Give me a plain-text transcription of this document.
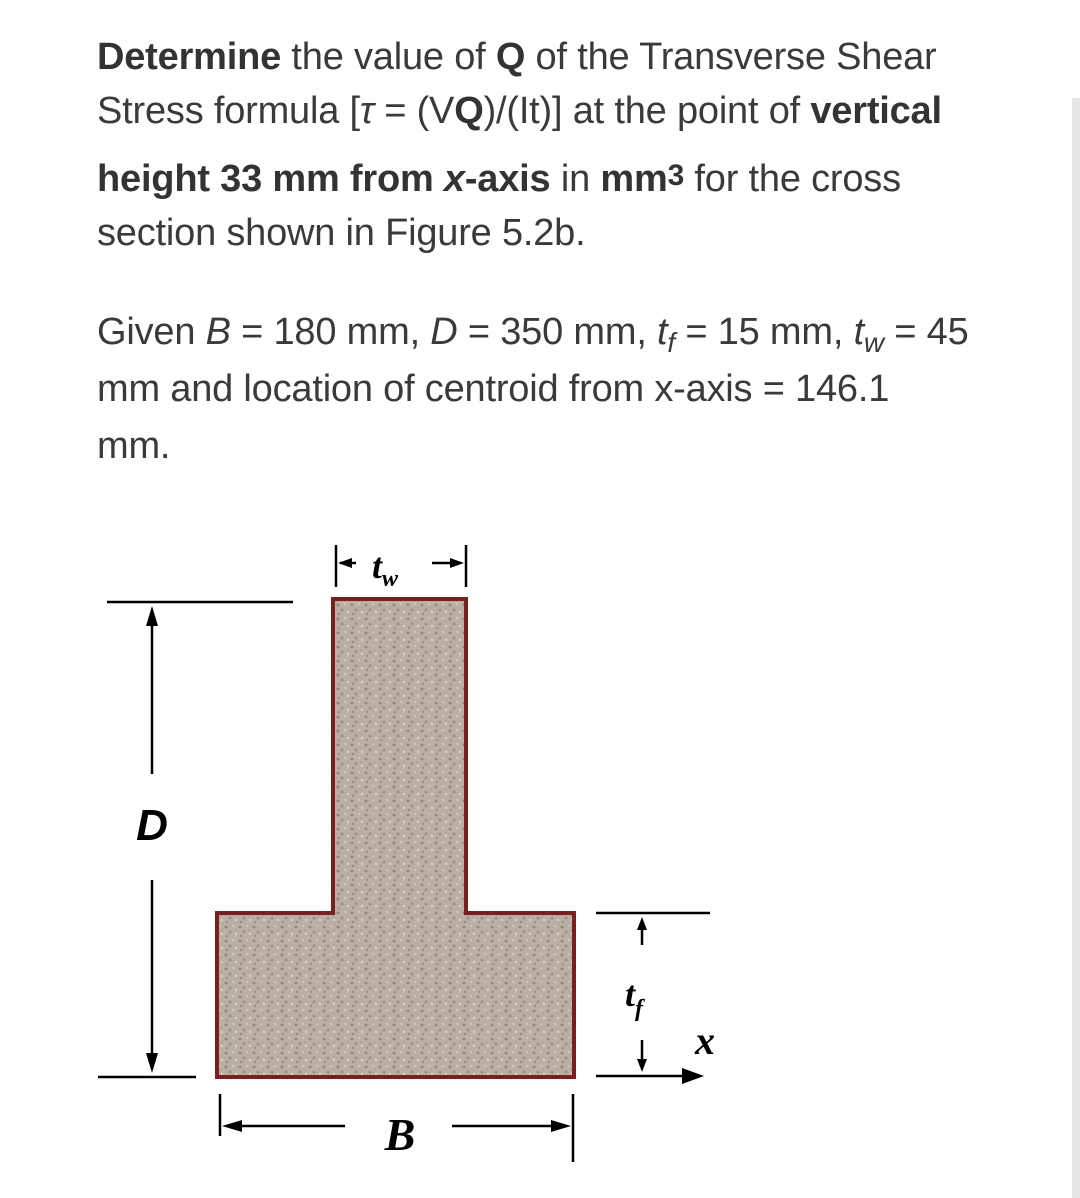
Determine the value of Q of the Transverse Shear
Stress formula [τ = (VQ)/(It)] at the point of vertical
height 33 mm from x-axis in $mm^3$ for the cross
section shown in Figure 5.2b.
Given B = 180 mm, D = 350 mm, $t_f = 15$ mm, $t_w = 45$
mm and location of centroid from x-axis = 146.1
mm.
D
B
$t_w$
$t_f$
x
